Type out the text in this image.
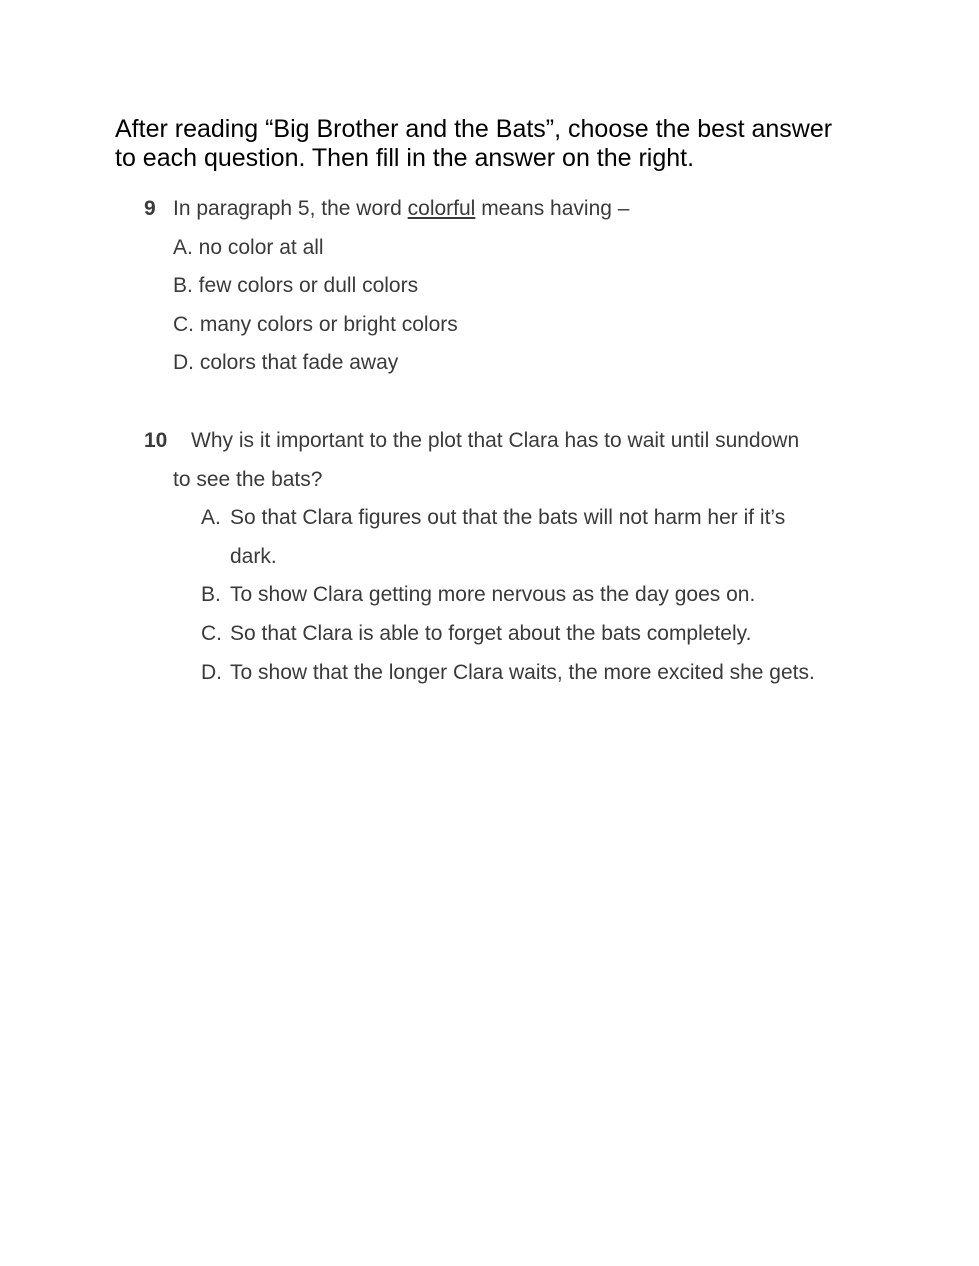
After reading “Big Brother and the Bats”, choose the best answer
to each question. Then fill in the answer on the right.
9 In paragraph 5, the word colorful means having –
A. no color at all
B. few colors or dull colors
C. many colors or bright colors
D. colors that fade away
10 Why is it important to the plot that Clara has to wait until sundown
to see the bats?
A. So that Clara figures out that the bats will not harm her if it’s
dark.
B. To show Clara getting more nervous as the day goes on.
C. So that Clara is able to forget about the bats completely.
D. To show that the longer Clara waits, the more excited she gets.
